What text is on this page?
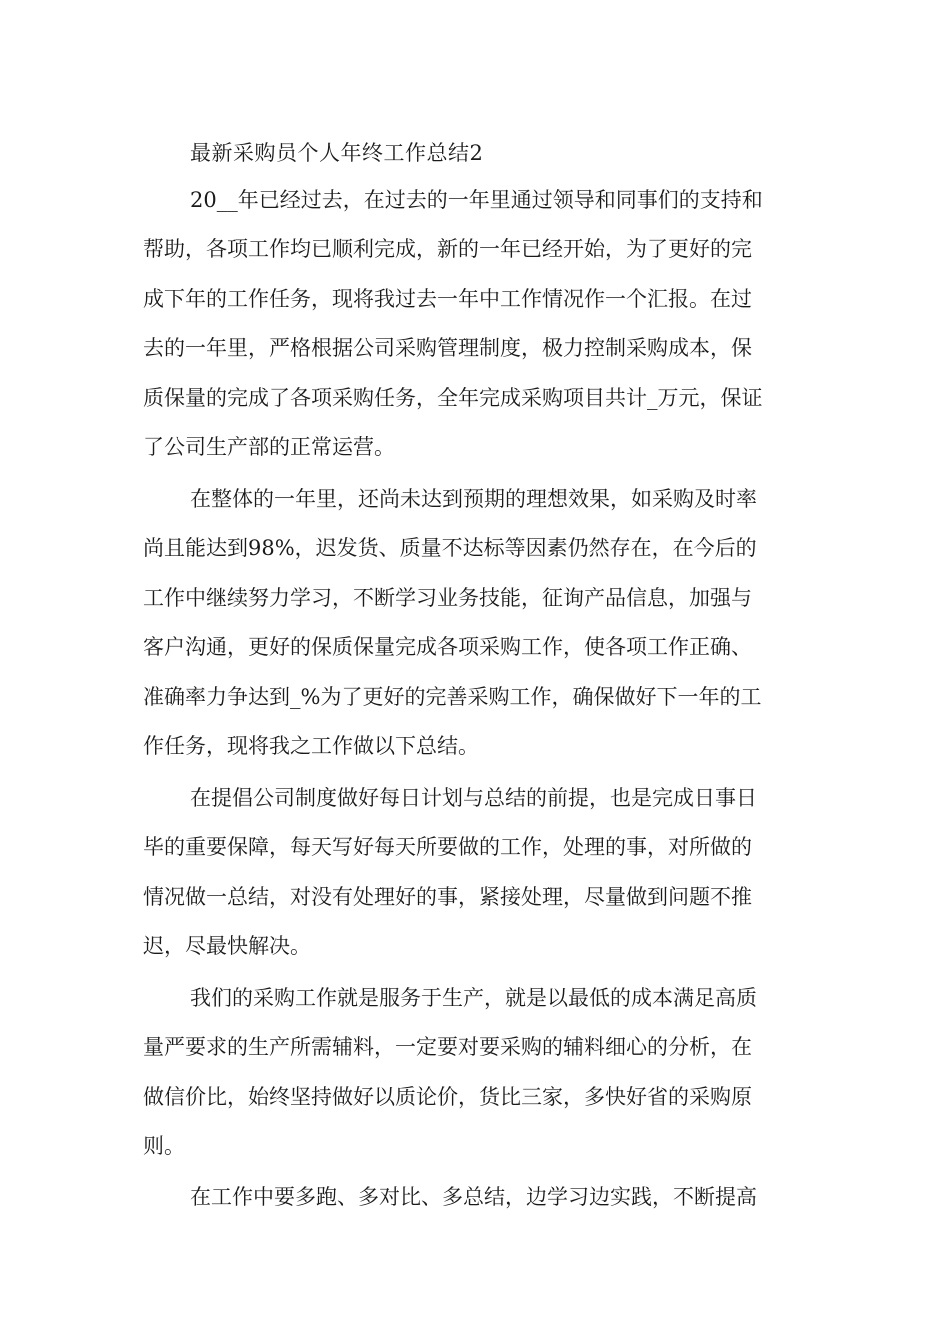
最新采购员个人年终工作总结2
20__年已经过去，在过去的一年里通过领导和同事们的支持和
帮助，各项工作均已顺利完成，新的一年已经开始，为了更好的完
成下年的工作任务，现将我过去一年中工作情况作一个汇报。在过
去的一年里，严格根据公司采购管理制度，极力控制采购成本，保
质保量的完成了各项采购任务，全年完成采购项目共计_万元，保证
了公司生产部的正常运营。
在整体的一年里，还尚未达到预期的理想效果，如采购及时率
尚且能达到98%，迟发货、质量不达标等因素仍然存在，在今后的
工作中继续努力学习，不断学习业务技能，征询产品信息，加强与
客户沟通，更好的保质保量完成各项采购工作，使各项工作正确、
准确率力争达到_%为了更好的完善采购工作，确保做好下一年的工
作任务，现将我之工作做以下总结。
在提倡公司制度做好每日计划与总结的前提，也是完成日事日
毕的重要保障，每天写好每天所要做的工作，处理的事，对所做的
情况做一总结，对没有处理好的事，紧接处理，尽量做到问题不推
迟，尽最快解决。
我们的采购工作就是服务于生产，就是以最低的成本满足高质
量严要求的生产所需辅料，一定要对要采购的辅料细心的分析，在
做信价比，始终坚持做好以质论价，货比三家，多快好省的采购原
则。
在工作中要多跑、多对比、多总结，边学习边实践，不断提高
